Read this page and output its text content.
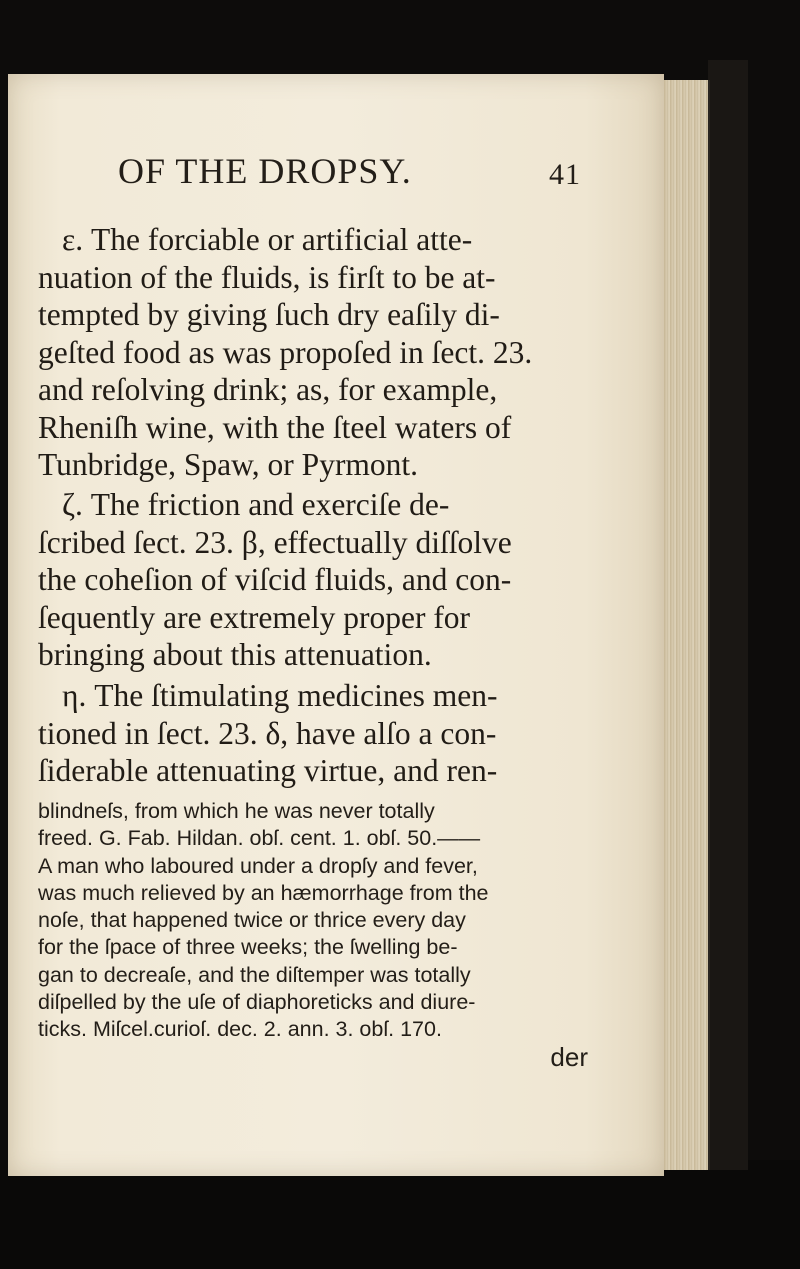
OF THE DROPSY.	41

ε. The forciable or artificial atte-

nuation of the fluids, is firſt to be at-

tempted by giving ſuch dry eaſily di-

geſted food as was propoſed in ſect. 23.

and reſolving drink; as, for example,

Rheniſh wine, with the ſteel waters of

Tunbridge, Spaw, or Pyrmont.

ζ. The friction and exerciſe de-

ſcribed ſect. 23. β, effectually diſſolve

the coheſion of viſcid fluids, and con-

ſequently are extremely proper for

bringing about this attenuation.

η. The ſtimulating medicines men-

tioned in ſect. 23. δ, have alſo a con-

ſiderable attenuating virtue, and ren-

blindneſs, from which he was never totally

freed. G. Fab. Hildan. obſ. cent. 1. obſ. 50.——

A man who laboured under a dropſy and fever,

was much relieved by an hæmorrhage from the

noſe, that happened twice or thrice every day

for the ſpace of three weeks; the ſwelling be-

gan to decreaſe, and the diſtemper was totally

diſpelled by the uſe of diaphoreticks and diure-

ticks. Miſcel.curioſ. dec. 2. ann. 3. obſ. 170.

der
